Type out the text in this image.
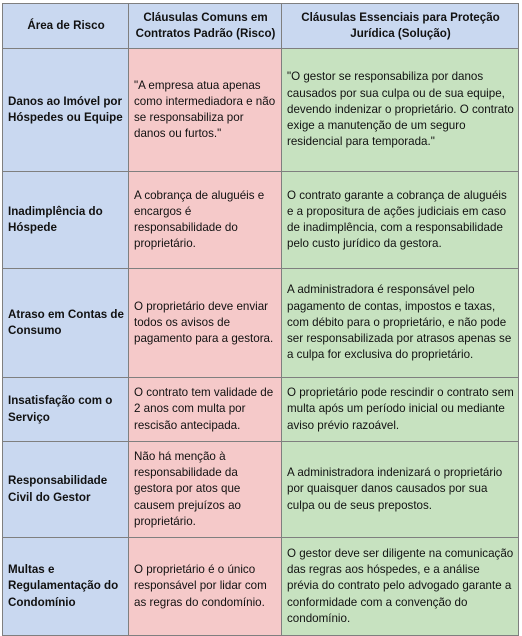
Área de Risco	Cláusulas Comuns em Contratos Padrão (Risco)	Cláusulas Essenciais para Proteção Jurídica (Solução)
Danos ao Imóvel por Hóspedes ou Equipe	"A empresa atua apenas como intermediadora e não se responsabiliza por danos ou furtos."	"O gestor se responsabiliza por danos causados por sua culpa ou de sua equipe, devendo indenizar o proprietário. O contrato exige a manutenção de um seguro residencial para temporada."
Inadimplência do Hóspede	A cobrança de aluguéis e encargos é responsabilidade do proprietário.	O contrato garante a cobrança de aluguéis e a propositura de ações judiciais em caso de inadimplência, com a responsabilidade pelo custo jurídico da gestora.
Atraso em Contas de Consumo	O proprietário deve enviar todos os avisos de pagamento para a gestora.	A administradora é responsável pelo pagamento de contas, impostos e taxas, com débito para o proprietário, e não pode ser responsabilizada por atrasos apenas se a culpa for exclusiva do proprietário.
Insatisfação com o Serviço	O contrato tem validade de 2 anos com multa por rescisão antecipada.	O proprietário pode rescindir o contrato sem multa após um período inicial ou mediante aviso prévio razoável.
Responsabilidade Civil do Gestor	Não há menção à responsabilidade da gestora por atos que causem prejuízos ao proprietário.	A administradora indenizará o proprietário por quaisquer danos causados por sua culpa ou de seus prepostos.
Multas e Regulamentação do Condomínio	O proprietário é o único responsável por lidar com as regras do condomínio.	O gestor deve ser diligente na comunicação das regras aos hóspedes, e a análise prévia do contrato pelo advogado garante a conformidade com a convenção do condomínio.
